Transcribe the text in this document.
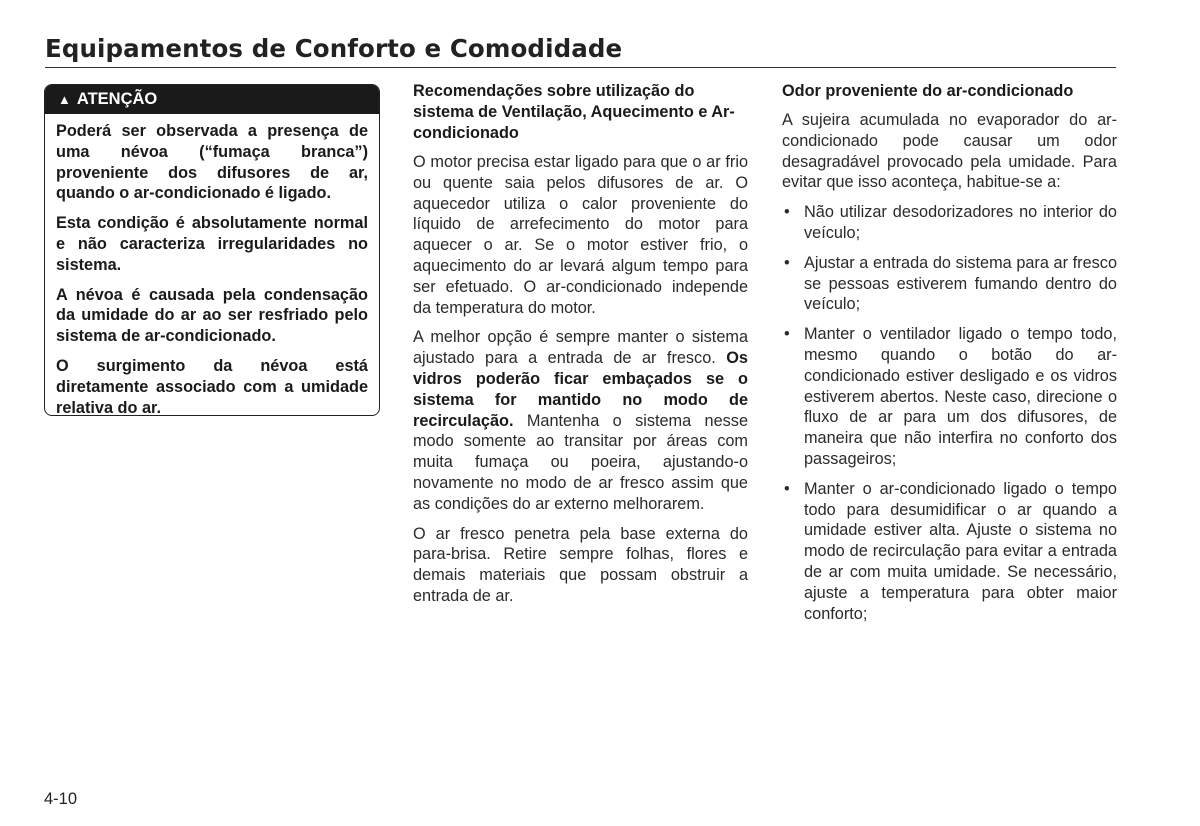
Equipamentos de Conforto e Comodidade
▲ ATENÇÃO

Poderá ser observada a presença de uma névoa (“fumaça branca”) proveniente dos difusores de ar, quando o ar-condicionado é ligado.

Esta condição é absolutamente normal e não caracteriza irregularidades no sistema.

A névoa é causada pela condensação da umidade do ar ao ser resfriado pelo sistema de ar-condicionado.

O surgimento da névoa está diretamente associado com a umidade relativa do ar.

Recomendações sobre utilização do sistema de Ventilação, Aquecimento e Ar-condicionado

O motor precisa estar ligado para que o ar frio ou quente saia pelos difusores de ar. O aquecedor utiliza o calor proveniente do líquido de arrefecimento do motor para aquecer o ar. Se o motor estiver frio, o aquecimento do ar levará algum tempo para ser efetuado. O ar-condicionado independe da temperatura do motor.

A melhor opção é sempre manter o sistema ajustado para a entrada de ar fresco. Os vidros poderão ficar embaçados se o sistema for mantido no modo de recirculação. Mantenha o sistema nesse modo somente ao transitar por áreas com muita fumaça ou poeira, ajustando-o novamente no modo de ar fresco assim que as condições do ar externo melhorarem.

O ar fresco penetra pela base externa do para-brisa. Retire sempre folhas, flores e demais materiais que possam obstruir a entrada de ar.

Odor proveniente do ar-condicionado

A sujeira acumulada no evaporador do ar-condicionado pode causar um odor desagradável provocado pela umidade. Para evitar que isso aconteça, habitue-se a:

• Não utilizar desodorizadores no interior do veículo;
• Ajustar a entrada do sistema para ar fresco se pessoas estiverem fumando dentro do veículo;
• Manter o ventilador ligado o tempo todo, mesmo quando o botão do ar-condicionado estiver desligado e os vidros estiverem abertos. Neste caso, direcione o fluxo de ar para um dos difusores, de maneira que não interfira no conforto dos passageiros;
• Manter o ar-condicionado ligado o tempo todo para desumidificar o ar quando a umidade estiver alta. Ajuste o sistema no modo de recirculação para evitar a entrada de ar com muita umidade. Se necessário, ajuste a temperatura para obter maior conforto;
4-10
